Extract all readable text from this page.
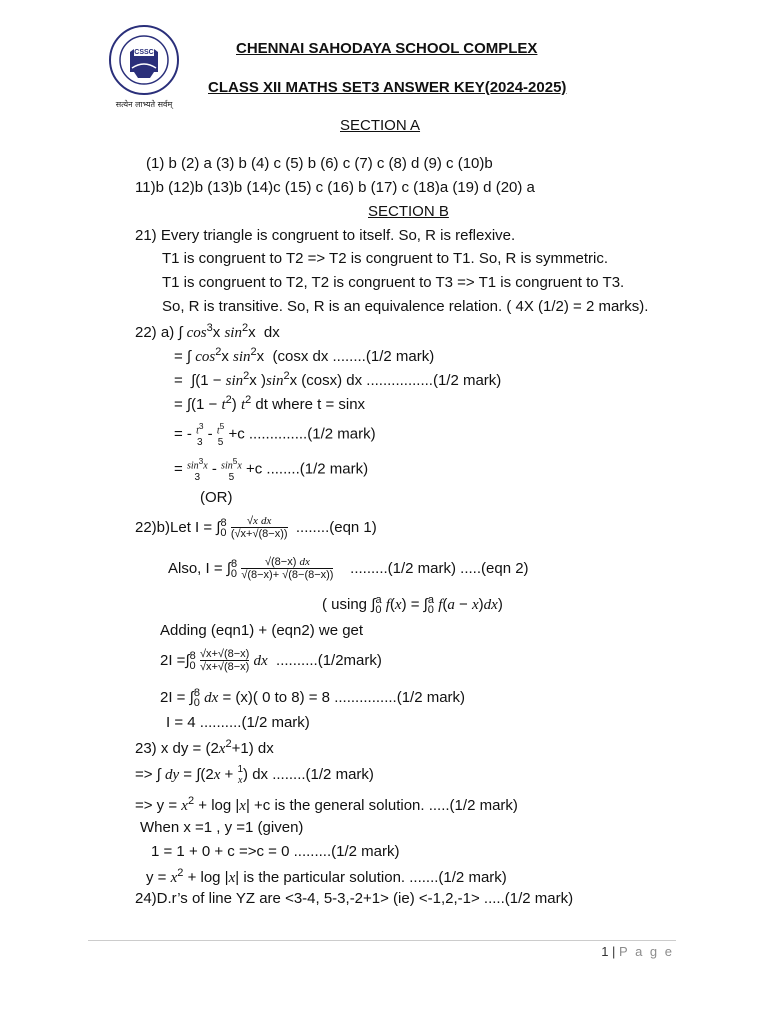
CSSC
सत्येन लाभ्यते सर्वम्
CHENNAI SAHODAYA SCHOOL COMPLEX
CLASS XII MATHS SET3 ANSWER KEY(2024-2025)
SECTION A
(1) b (2) a (3) b (4) c (5) b (6) c (7) c (8) d (9) c (10)b
11)b (12)b (13)b (14)c (15) c (16) b (17) c (18)a (19) d (20) a
SECTION B
21) Every triangle is congruent to itself. So, R is reflexive.
T1 is congruent to T2 => T2 is congruent to T1. So, R is symmetric.
T1 is congruent to T2, T2 is congruent to T3 => T1 is congruent to T3.
So, R is transitive. So, R is an equivalence relation. ( 4X (1/2) = 2 marks).
22) a) ∫ $\cos^3x$ $\sin^2x$  dx
= ∫ $\cos^2x$ $\sin^2x$  (cosx dx ........(1/2 mark)
=  $\int(1 - \sin^2x$ )$\sin^2x$ (cosx) dx ................(1/2 mark)
= $\int(1 - t^2)$ $t^2$ dt where t = sinx
= - $t^3$
$3 - t^5$
5 +c ..............(1/2 mark)
= $\sin^3x$
$3 - \sin^5x$
5 +c ........(1/2 mark)
(OR)
22)b)Let $I = \int_0^8$ √x dx
(√x+√(8−x)) ........(eqn 1)
Also, $I = \int_0^8$	√(8−x) dx
√(8−x)+ √(8−(8−x)) .........(1/2 mark) .....(eqn 2)
( using $\int_0^a$ $f(x) = \int_0^a$ f(a − x)dx)
Adding (eqn1) + (eqn2) we get
$2I =\int_0^8$ √x+√(8−x)
√x+√(8−x) dx ..........(1/2mark)
$2I = \int_0^8$ dx = (x)( 0 to 8) = 8 ...............(1/2 mark)
I = 4 ..........(1/2 mark)
23) x dy = $(2x^2+1)$ dx
=> ∫ dy = ∫(2x + 1
x) dx ........(1/2 mark)
=> $y = x^2 + \log |x| +c$ is the general solution. .....(1/2 mark)
When x =1 , y =1 (given)
1 = 1 + 0 + c =>c = 0 .........(1/2 mark)
$y = x^2 + \log |x|$ is the particular solution. .......(1/2 mark)
24)D.r’s of line YZ are <3-4, 5-3,-2+1> (ie) <-1,2,-1> .....(1/2 mark)
1 | P a g e
